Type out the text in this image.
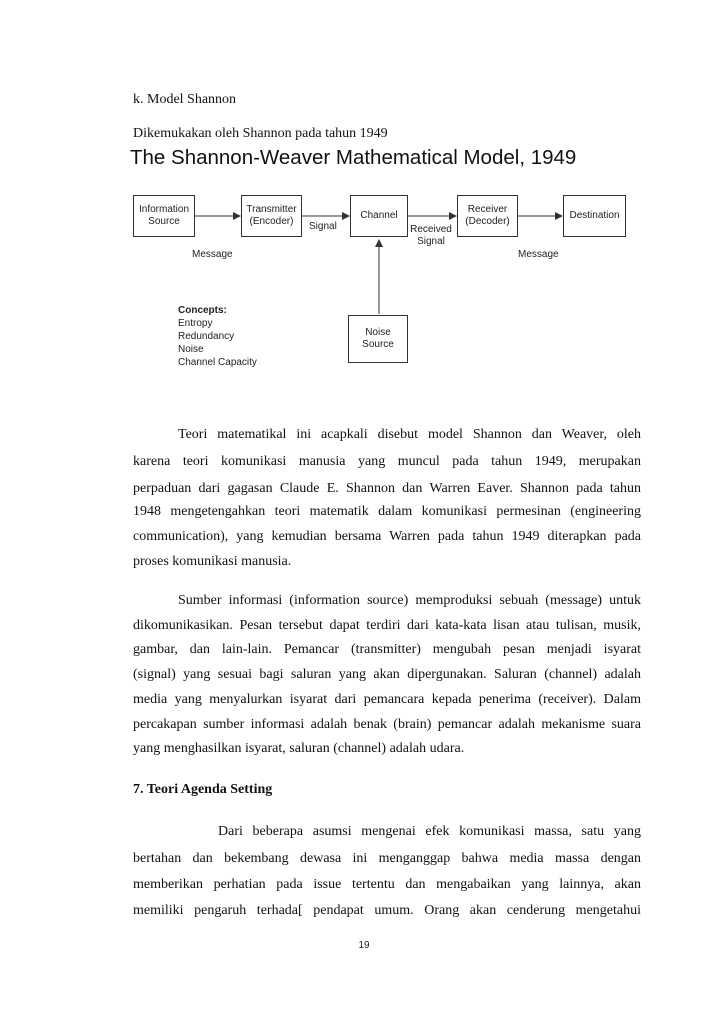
k. Model Shannon
Dikemukakan oleh Shannon pada tahun 1949
The Shannon-Weaver Mathematical Model, 1949
Information
Source
Transmitter
(Encoder)
Channel
Receiver
(Decoder)
Destination
Noise
Source
Signal	Received
Signal
Message	Message
Concepts:
Entropy
Redundancy
Noise
Channel Capacity
Teori matematikal ini acapkali disebut model Shannon dan Weaver, oleh
karena teori komunikasi manusia yang muncul pada tahun 1949, merupakan
perpaduan dari gagasan Claude E. Shannon dan Warren Eaver. Shannon pada tahun
1948 mengetengahkan teori matematik dalam komunikasi permesinan (engineering
communication), yang kemudian bersama Warren pada tahun 1949 diterapkan pada
proses komunikasi manusia.
Sumber informasi (information source) memproduksi sebuah (message) untuk
dikomunikasikan. Pesan tersebut dapat terdiri dari kata-kata lisan atau tulisan, musik,
gambar, dan lain-lain. Pemancar (transmitter) mengubah pesan menjadi isyarat
(signal) yang sesuai bagi saluran yang akan dipergunakan. Saluran (channel) adalah
media yang menyalurkan isyarat dari pemancara kepada penerima (receiver). Dalam
percakapan sumber informasi adalah benak (brain) pemancar adalah mekanisme suara
yang menghasilkan isyarat, saluran (channel) adalah udara.
7. Teori Agenda Setting
Dari beberapa asumsi mengenai efek komunikasi massa, satu yang
bertahan dan bekembang dewasa ini menganggap bahwa media massa dengan
memberikan perhatian pada issue tertentu dan mengabaikan yang lainnya, akan
memiliki pengaruh terhada[ pendapat umum. Orang akan cenderung mengetahui
19
